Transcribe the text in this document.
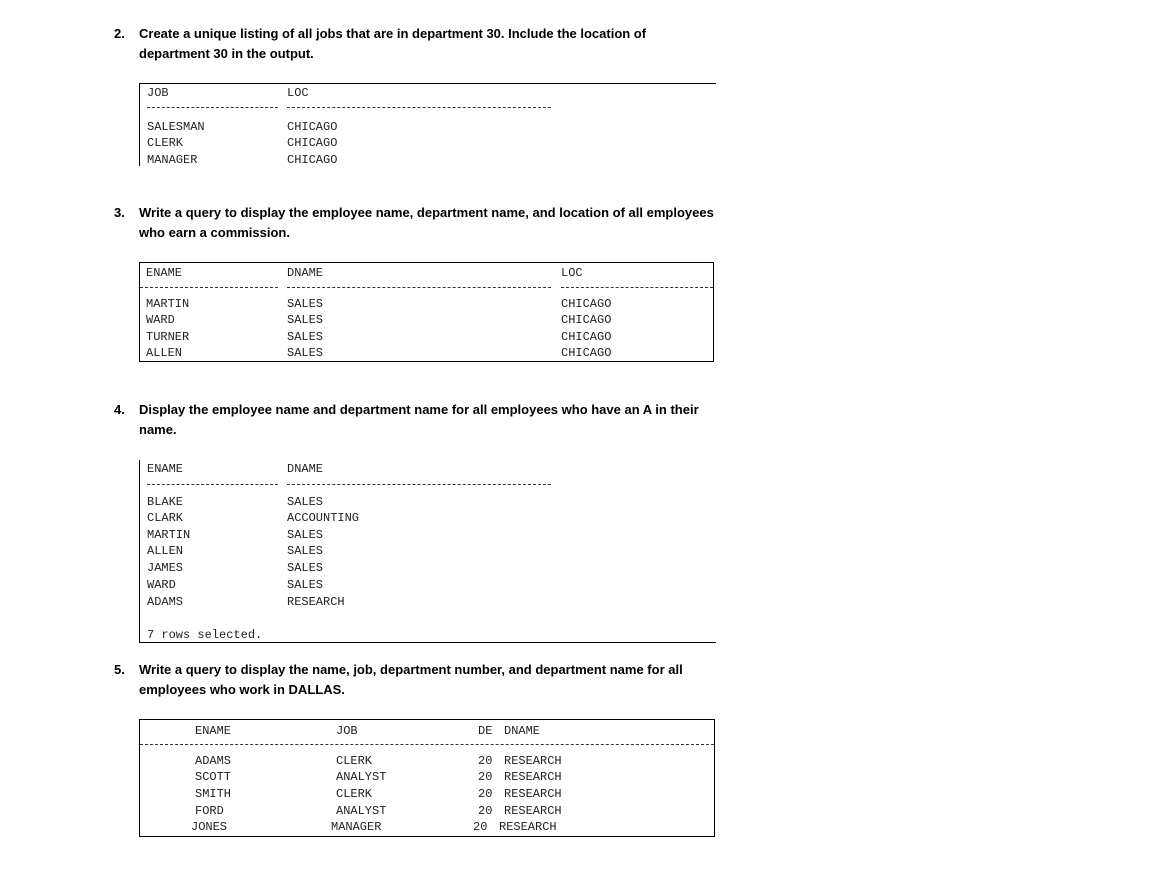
2. Create a unique listing of all jobs that are in department 30. Include the location of
department 30 in the output.
JOB	LOC
SALESMAN	CHICAGO
CLERK	CHICAGO
MANAGER	CHICAGO
3. Write a query to display the employee name, department name, and location of all employees
who earn a commission.
ENAME	DNAME	LOC
MARTIN	SALES	CHICAGO
WARD	SALES	CHICAGO
TURNER	SALES	CHICAGO
ALLEN	SALES	CHICAGO
4. Display the employee name and department name for all employees who have an A in their
name.
ENAME	DNAME
BLAKE	SALES
CLARK	ACCOUNTING
MARTIN	SALES
ALLEN	SALES
JAMES	SALES
WARD	SALES
ADAMS	RESEARCH
7 rows selected.
5. Write a query to display the name, job, department number, and department name for all
employees who work in DALLAS.
ENAME	JOB	DE DNAME
ADAMS	CLERK	20 RESEARCH
SCOTT	ANALYST	20 RESEARCH
SMITH	CLERK	20 RESEARCH
FORD	ANALYST	20 RESEARCH
JONES	MANAGER	20 RESEARCH
